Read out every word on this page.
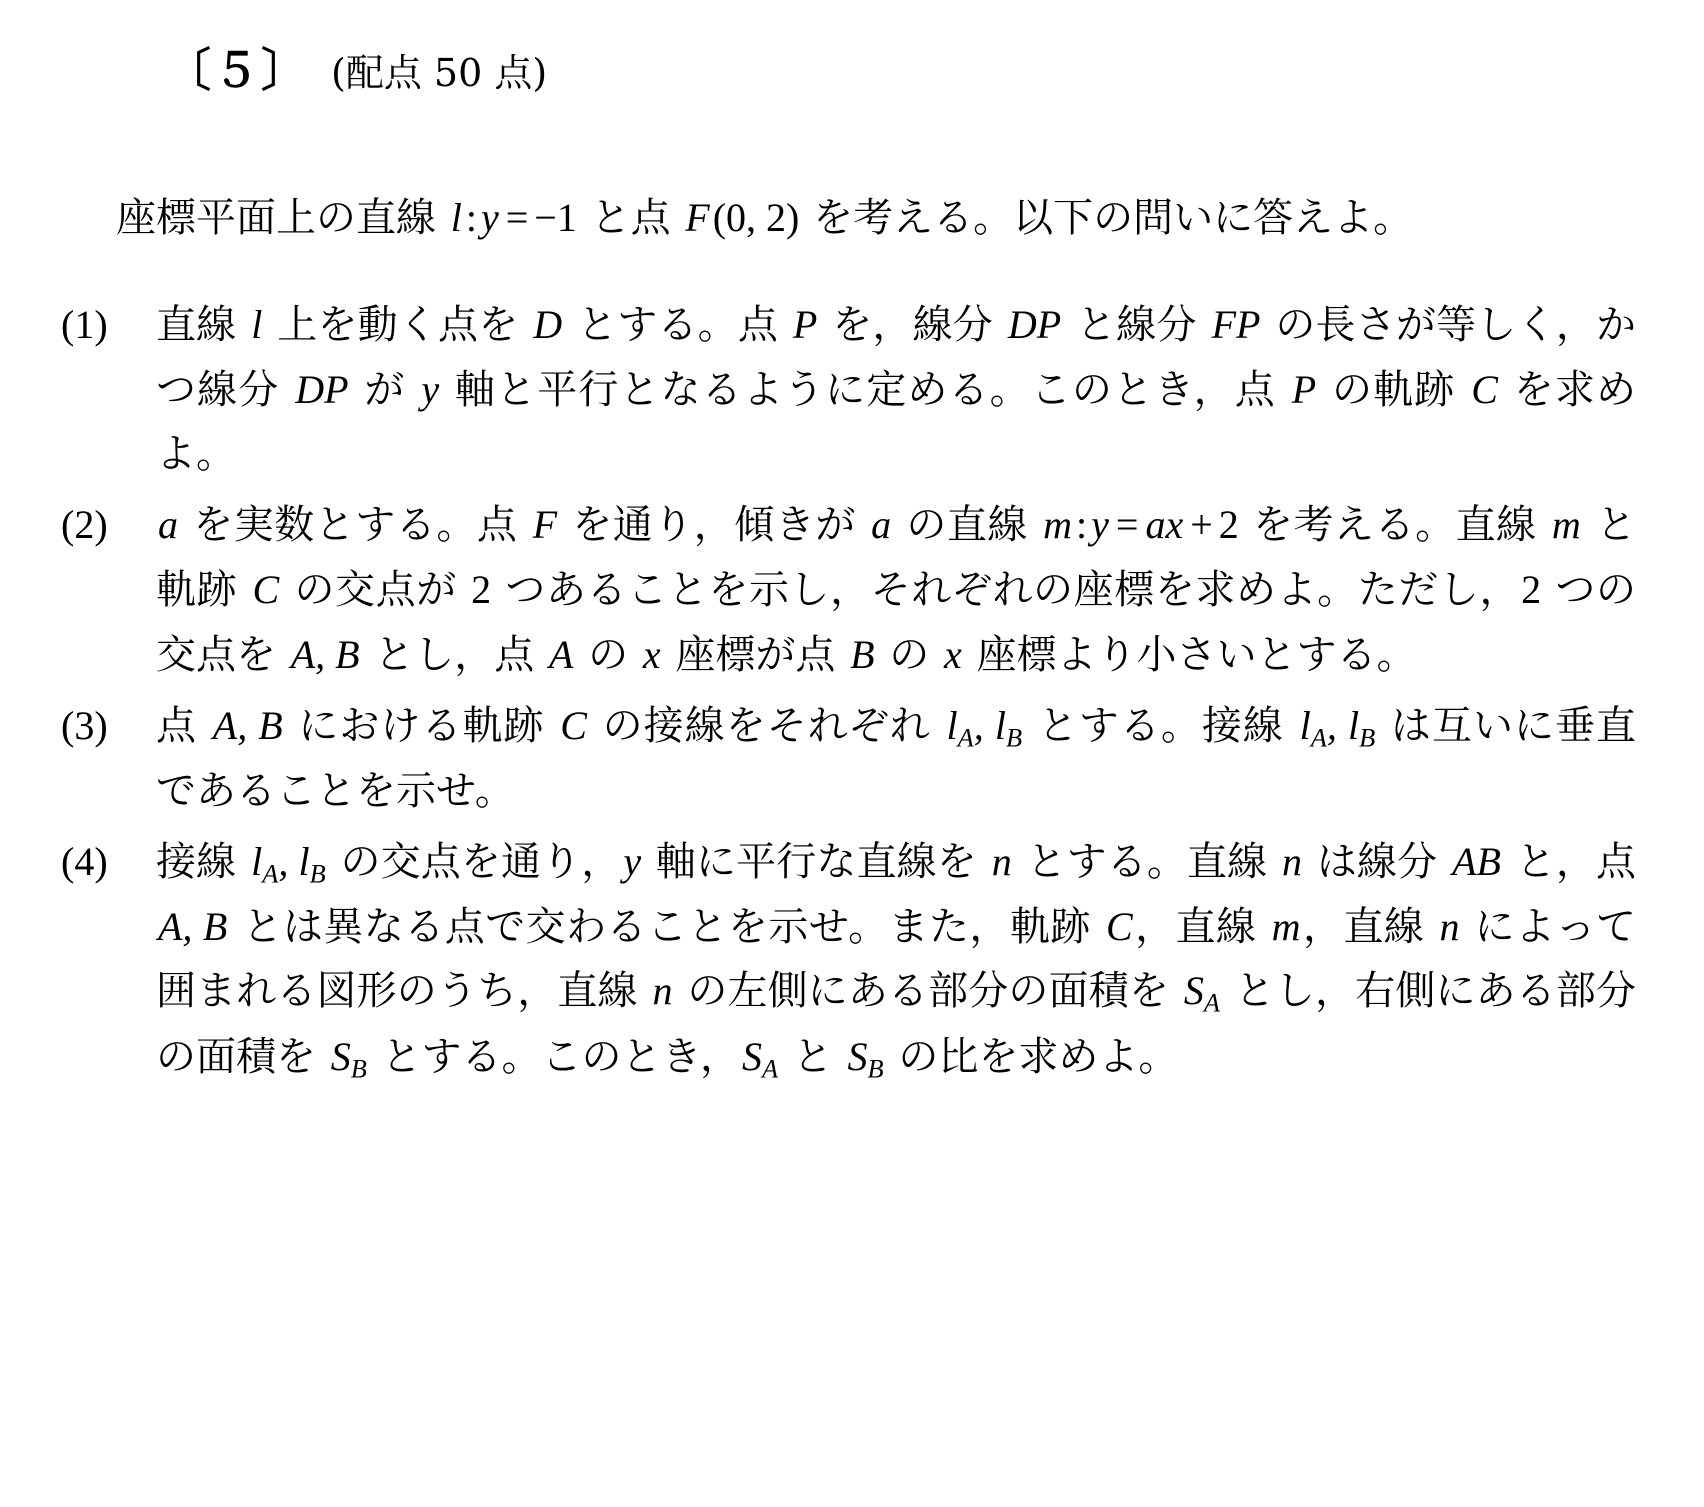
〔５〕 (配点 50 点)

座標平面上の直線 l : y = −1 と点 F(0, 2) を考える。以下の問いに答えよ。

(1)	直線 l 上を動く点を D とする。点 P を，線分 DP と線分 FP の長さが等しく，かつ線分 DP が y 軸と平行となるように定める。このとき，点 P の軌跡 C を求めよ。
(2)	a を実数とする。点 F を通り，傾きが a の直線 m : y = ax + 2 を考える。直線 m と軌跡 C の交点が 2 つあることを示し，それぞれの座標を求めよ。ただし，2 つの交点を A, B とし，点 A の x 座標が点 B の x 座標より小さいとする。
(3)	点 A, B における軌跡 C の接線をそれぞれ $l_A$, $l_B$ とする。接線 $l_A$, $l_B$ は互いに垂直であることを示せ。
(4)	接線 $l_A$, $l_B$ の交点を通り，y 軸に平行な直線を n とする。直線 n は線分 AB と，点 A, B とは異なる点で交わることを示せ。また，軌跡 C，直線 m，直線 n によって囲まれる図形のうち，直線 n の左側にある部分の面積を $S_A$ とし，右側にある部分の面積を $S_B$ とする。このとき，$S_A$ と $S_B$ の比を求めよ。
